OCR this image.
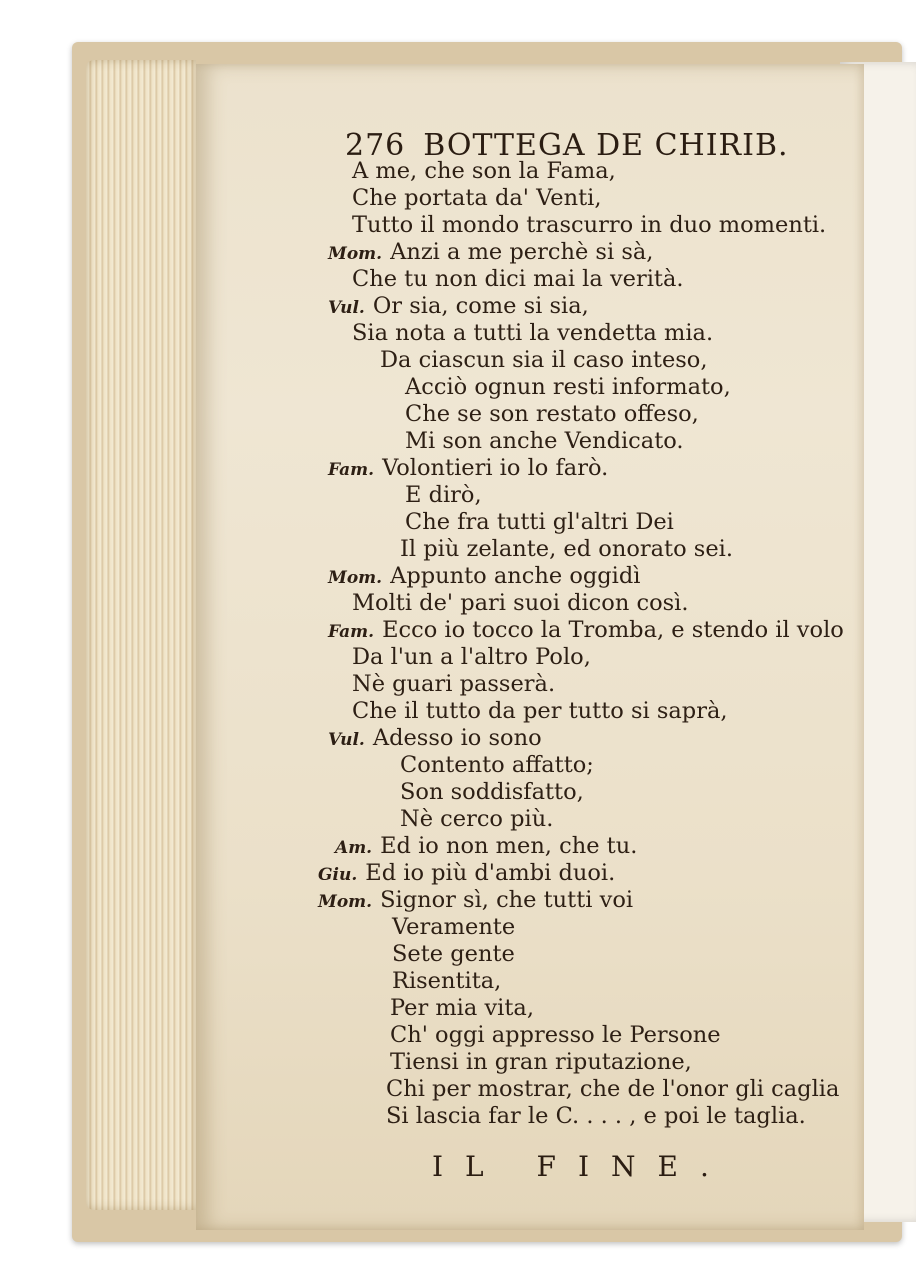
276 BOTTEGA DE CHIRIB.
A me, che son la Fama,
Che portata da' Venti,
Tutto il mondo trascurro in duo momenti.
Mom. Anzi a me perchè si sà,
Che tu non dici mai la verità.
Vul. Or sia, come si sia,
Sia nota a tutti la vendetta mia.
Da ciascun sia il caso inteso,
Acciò ognun resti informato,
Che se son restato offeso,
Mi son anche Vendicato.
Fam. Volontieri io lo farò.
E dirò,
Che fra tutti gl'altri Dei
Il più zelante, ed onorato sei.
Mom. Appunto anche oggidì
Molti de' pari suoi dicon così.
Fam. Ecco io tocco la Tromba, e stendo il volo
Da l'un a l'altro Polo,
Nè guari passerà.
Che il tutto da per tutto si saprà,
Vul. Adesso io sono
Contento affatto;
Son soddisfatto,
Nè cerco più.
Am. Ed io non men, che tu.
Giu. Ed io più d'ambi duoi.
Mom. Signor sì, che tutti voi
Veramente
Sete gente
Risentita,
Per mia vita,
Ch' oggi appresso le Persone
Tiensi in gran riputazione,
Chi per mostrar, che de l'onor gli caglia
Si lascia far le C. . . . , e poi le taglia.
IL FINE.
